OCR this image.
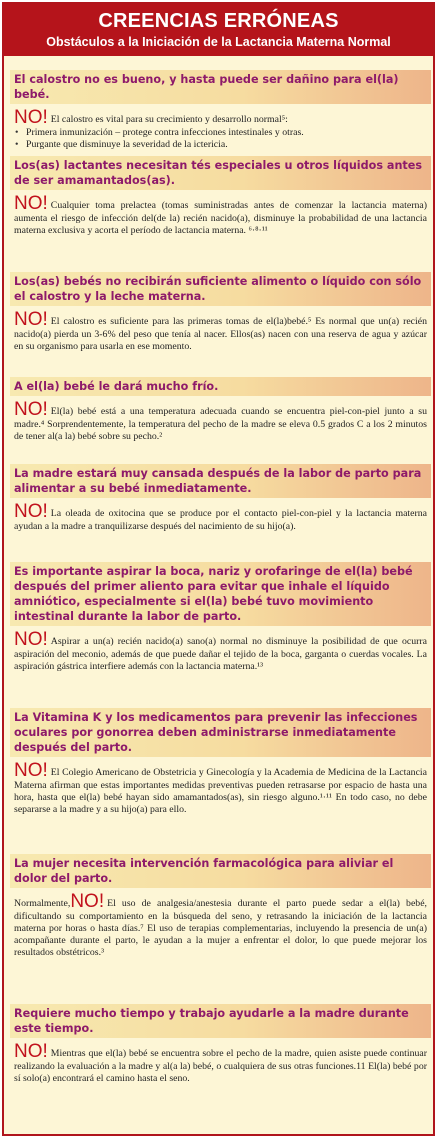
CREENCIAS ERRÓNEAS
Obstáculos a la Iniciación de la Lactancia Materna Normal
El calostro no es bueno, y hasta puede ser dañino para el(la) bebé.
NO! El calostro es vital para su crecimiento y desarrollo normal⁵:
• Primera inmunización – protege contra infecciones intestinales y otras.
• Purgante que disminuye la severidad de la ictericia.
Los(as) lactantes necesitan tés especiales u otros líquidos antes de ser amamantados(as).
NO! Cualquier toma prelactea (tomas suministradas antes de comenzar la lactancia materna) aumenta el riesgo de infección del(de la) recién nacido(a), disminuye la probabilidad de una lactancia materna exclusiva y acorta el período de lactancia materna. ⁶·⁸·¹¹
Los(as) bebés no recibirán suficiente alimento o líquido con sólo el calostro y la leche materna.
NO! El calostro es suficiente para las primeras tomas de el(la)bebé.⁵ Es normal que un(a) recién nacido(a) pierda un 3-6% del peso que tenía al nacer. Ellos(as) nacen con una reserva de agua y azúcar en su organismo para usarla en ese momento.
A el(la) bebé le dará mucho frío.
NO! El(la) bebé está a una temperatura adecuada cuando se encuentra piel-con-piel junto a su madre.⁴ Sorprendentemente, la temperatura del pecho de la madre se eleva 0.5 grados C a los 2 minutos de tener al(a la) bebé sobre su pecho.²
La madre estará muy cansada después de la labor de parto para alimentar a su bebé inmediatamente.
NO! La oleada de oxitocina que se produce por el contacto piel-con-piel y la lactancia materna ayudan a la madre a tranquilizarse después del nacimiento de su hijo(a).
Es importante aspirar la boca, nariz y orofaringe de el(la) bebé después del primer aliento para evitar que inhale el líquido amniótico, especialmente si el(la) bebé tuvo movimiento intestinal durante la labor de parto.
NO! Aspirar a un(a) recién nacido(a) sano(a) normal no disminuye la posibilidad de que ocurra aspiración del meconio, además de que puede dañar el tejido de la boca, garganta o cuerdas vocales. La aspiración gástrica interfiere además con la lactancia materna.¹³
La Vitamina K y los medicamentos para prevenir las infecciones oculares por gonorrea deben administrarse inmediatamente después del parto.
NO! El Colegio Americano de Obstetricia y Ginecología y la Academia de Medicina de la Lactancia Materna afirman que estas importantes medidas preventivas pueden retrasarse por espacio de hasta una hora, hasta que el(la) bebé hayan sido amamantados(as), sin riesgo alguno.¹·¹¹ En todo caso, no debe separarse a la madre y a su hijo(a) para ello.
La mujer necesita intervención farmacológica para aliviar el dolor del parto.
Normalmente,NO! El uso de analgesia/anestesia durante el parto puede sedar a el(la) bebé, dificultando su comportamiento en la búsqueda del seno, y retrasando la iniciación de la lactancia materna por horas o hasta días.⁷ El uso de terapias complementarias, incluyendo la presencia de un(a) acompañante durante el parto, le ayudan a la mujer a enfrentar el dolor, lo que puede mejorar los resultados obstétricos.³
Requiere mucho tiempo y trabajo ayudarle a la madre durante este tiempo.
NO! Mientras que el(la) bebé se encuentra sobre el pecho de la madre, quien asiste puede continuar realizando la evaluación a la madre y al(a la) bebé, o cualquiera de sus otras funciones.11 El(la) bebé por sí solo(a) encontrará el camino hasta el seno.
